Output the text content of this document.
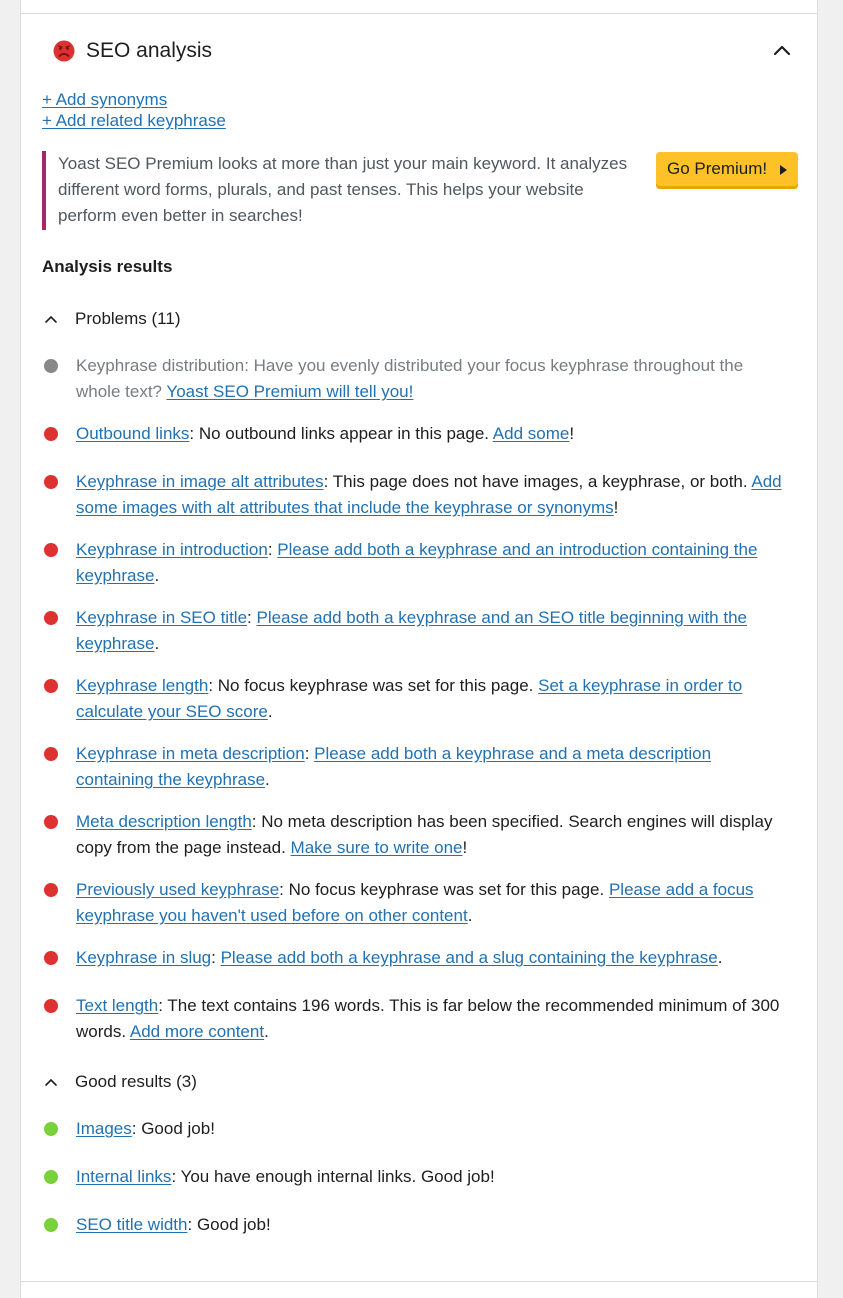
SEO analysis
+ Add synonyms
+ Add related keyphrase
Yoast SEO Premium looks at more than just your main keyword. It analyzes different word forms, plurals, and past tenses. This helps your website perform even better in searches!
Go Premium!
Analysis results
Problems (11)
Keyphrase distribution: Have you evenly distributed your focus keyphrase throughout the whole text? Yoast SEO Premium will tell you!
Outbound links: No outbound links appear in this page. Add some!
Keyphrase in image alt attributes: This page does not have images, a keyphrase, or both. Add some images with alt attributes that include the keyphrase or synonyms!
Keyphrase in introduction: Please add both a keyphrase and an introduction containing the keyphrase.
Keyphrase in SEO title: Please add both a keyphrase and an SEO title beginning with the keyphrase.
Keyphrase length: No focus keyphrase was set for this page. Set a keyphrase in order to calculate your SEO score.
Keyphrase in meta description: Please add both a keyphrase and a meta description containing the keyphrase.
Meta description length: No meta description has been specified. Search engines will display copy from the page instead. Make sure to write one!
Previously used keyphrase: No focus keyphrase was set for this page. Please add a focus keyphrase you haven't used before on other content.
Keyphrase in slug: Please add both a keyphrase and a slug containing the keyphrase.
Text length: The text contains 196 words. This is far below the recommended minimum of 300 words. Add more content.
Good results (3)
Images: Good job!
Internal links: You have enough internal links. Good job!
SEO title width: Good job!
